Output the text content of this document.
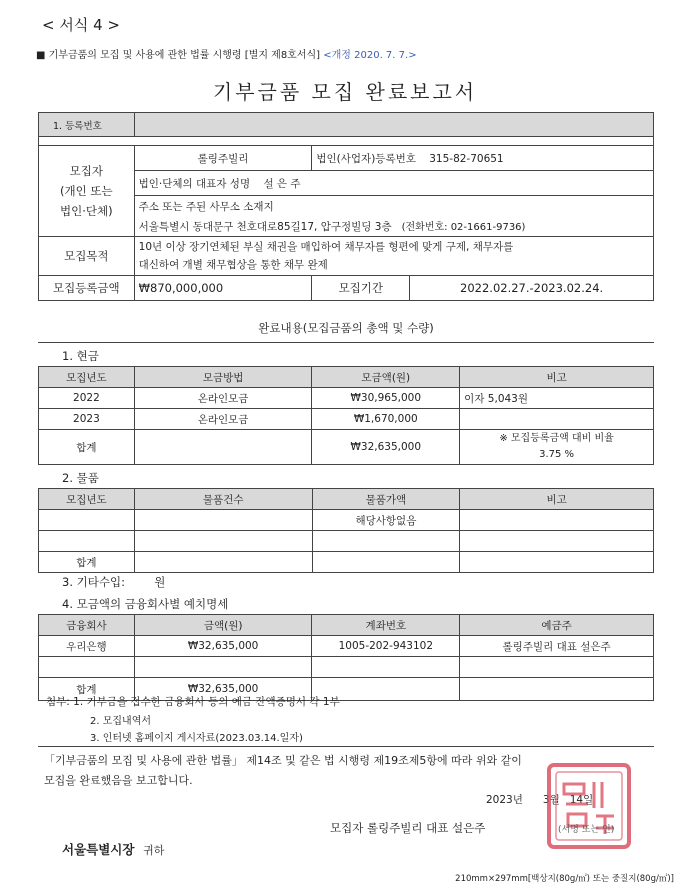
< 서식 4 >
■ 기부금품의 모집 및 사용에 관한 법률 시행령 [별지 제8호서식] <개정 2020. 7. 7.>
기부금품 모집 완료보고서
1. 등록번호			

모집자
(개인 또는
법인·단체)	롤링주빌리	법인(사업자)등록번호 315-82-70651	
	법인·단체의 대표자 성명 설 은 주		
	주소 또는 주된 사무소 소재지		
	서울특별시 동대문구 천호대로85길17, 압구정빌딩 3층 (전화번호: 02-1661-9736)		
모집목적	10년 이상 장기연체된 부실 채권을 매입하여 채무자를 형편에 맞게 구제, 채무자를
대신하여 개별 채무협상을 통한 채무 완제		

모집등록금액	₩870,000,000	모집기간	2022.02.27.-2023.02.24.
완료내용(모집금품의 총액 및 수량)
1. 현금
모집년도	모금방법	모금액(원)	비고
2022	온라인모금	₩30,965,000	이자 5,043원
2023	온라인모금	₩1,670,000	
합계		₩32,635,000	※ 모집등록금액 대비 비율
3.75 %
2. 물품
모집년도	물품건수	물품가액	비고
		해당사항없음	

합계			
3. 기타수입:	원
4. 모금액의 금융회사별 예치명세
금융회사	금액(원)	계좌번호	예금주
우리은행	₩32,635,000	1005-202-943102	롤링주빌리 대표 설은주

합계	₩32,635,000		
첨부: 1. 기부금을 접수한 금융회사 등의 예금 잔액증명서 각 1부
2. 모집내역서
3. 인터넷 홈페이지 게시자료(2023.03.14.일자)
「기부금품의 모집 및 사용에 관한 법률」 제14조 및 같은 법 시행령 제19조제5항에 따라 위와 같이
모집을 완료했음을 보고합니다.
2023년 3월 14일
모집자 롤링주빌리 대표 설은주	(서명 또는 인)
서울특별시장 귀하
210mm×297mm[백상지(80g/㎡) 또는 중질지(80g/㎡)]
